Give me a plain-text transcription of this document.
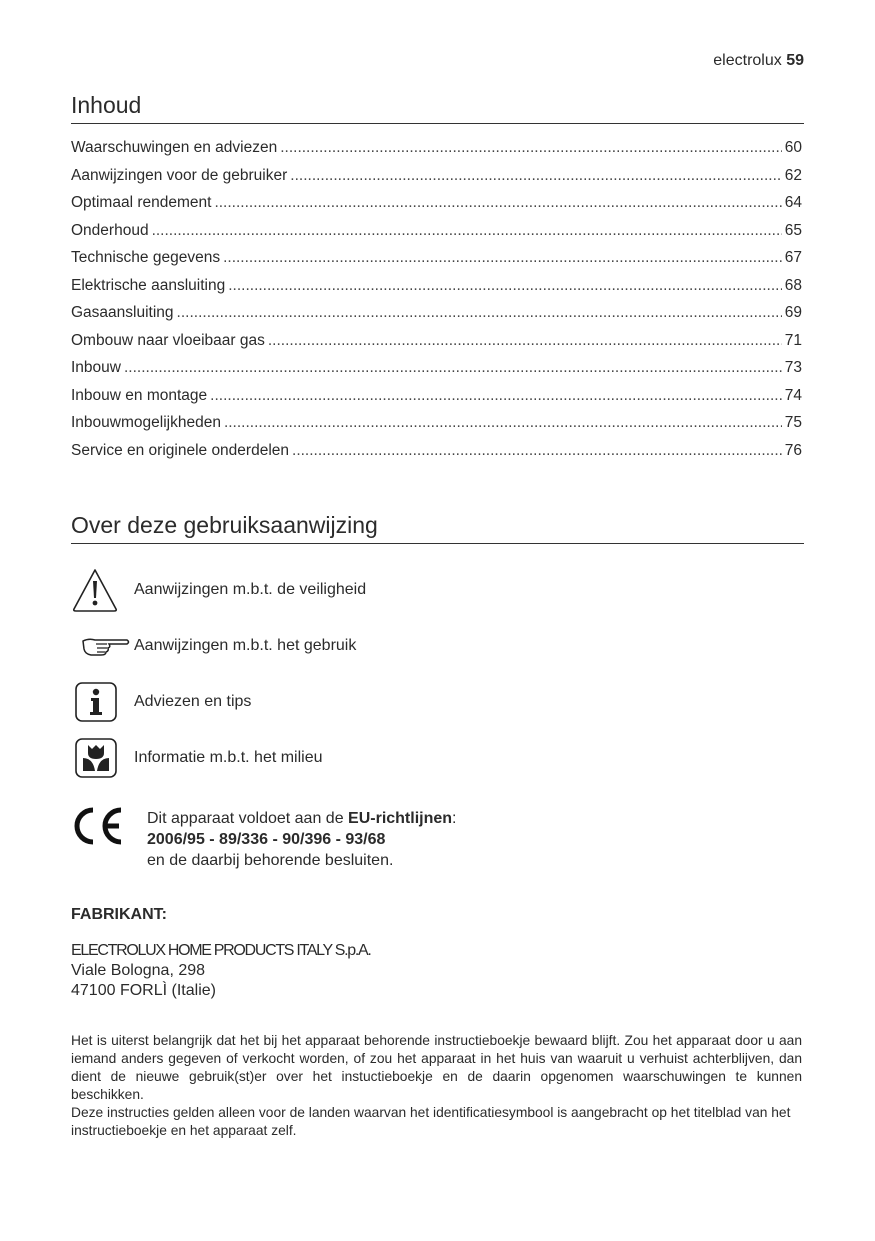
electrolux 59
Inhoud
Waarschuwingen en adviezen .....	60
Aanwijzingen voor de gebruiker .....	62
Optimaal rendement .....	64
Onderhoud .....	65
Technische gegevens .....	67
Elektrische aansluiting .....	68
Gasaansluiting .....	69
Ombouw naar vloeibaar gas .....	71
Inbouw .....	73
Inbouw en montage .....	74
Inbouwmogelijkheden .....	75
Service en originele onderdelen .....	76
Over deze gebruiksaanwijzing
Aanwijzingen m.b.t. de veiligheid
Aanwijzingen m.b.t. het gebruik
Adviezen en tips
Informatie m.b.t. het milieu
Dit apparaat voldoet aan de EU-richtlijnen:
2006/95 - 89/336 - 90/396 - 93/68
en de daarbij behorende besluiten.
FABRIKANT:
ELECTROLUX HOME PRODUCTS ITALY S.p.A.
Viale Bologna, 298
47100 FORLÌ (Italie)
Het is uiterst belangrijk dat het bij het apparaat behorende instructieboekje bewaard blijft. Zou het apparaat door u aan iemand anders gegeven of verkocht worden, of zou het apparaat in het huis van waaruit u verhuist achterblijven, dan dient de nieuwe gebruik(st)er over het instuctieboekje en de daarin opgenomen waarschuwingen te kunnen beschikken.
Deze instructies gelden alleen voor de landen waarvan het identificatiesymbool is aangebracht op het titelblad van het instructieboekje en het apparaat zelf.
